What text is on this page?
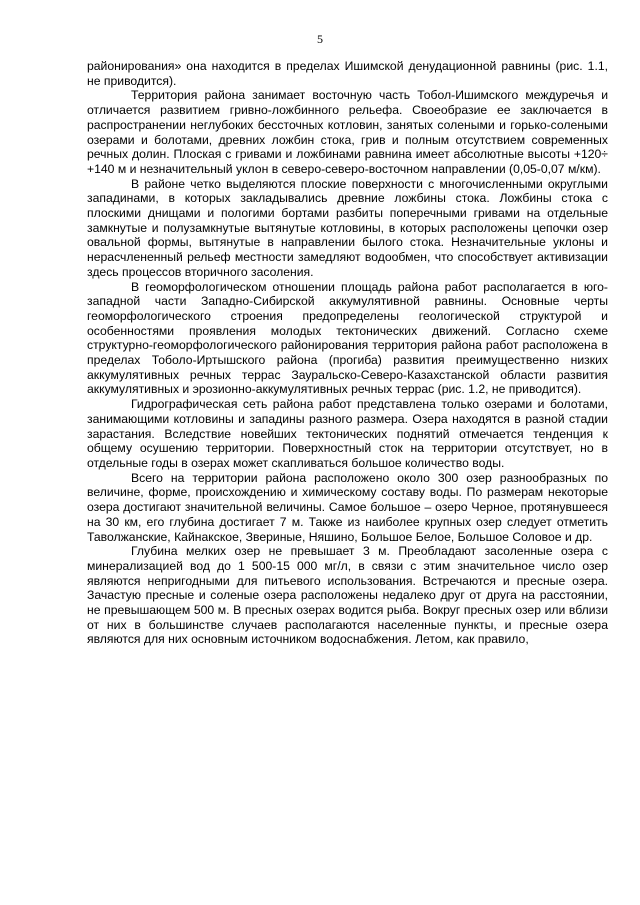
5

районирования» она находится в пределах Ишимской денудационной равнины (рис. 1.1, не приводится).

Территория района занимает восточную часть Тобол-Ишимского междуречья и отличается развитием гривно-ложбинного рельефа. Своеобразие ее заключается в распространении неглубоких бессточных котловин, занятых солеными и горько-солеными озерами и болотами, древних ложбин стока, грив и полным отсутствием современных речных долин. Плоская с гривами и ложбинами равнина имеет абсолютные высоты +120÷ +140 м и незначительный уклон в северо-северо-восточном направлении (0,05-0,07 м/км).

В районе четко выделяются плоские поверхности с многочисленными округлыми западинами, в которых закладывались древние ложбины стока. Ложбины стока с плоскими днищами и пологими бортами разбиты поперечными гривами на отдельные замкнутые и полузамкнутые вытянутые котловины, в которых расположены цепочки озер овальной формы, вытянутые в направлении былого стока. Незначительные уклоны и нерасчлененный рельеф местности замедляют водообмен, что способствует активизации здесь процессов вторичного засоления.

В геоморфологическом отношении площадь района работ располагается в юго-западной части Западно-Сибирской аккумулятивной равнины. Основные черты геоморфологического строения предопределены геологической структурой и особенностями проявления молодых тектонических движений. Согласно схеме структурно-геоморфологического районирования территория района работ расположена в пределах Тоболо-Иртышского района (прогиба) развития преимущественно низких аккумулятивных речных террас Зауральско-Северо-Казахстанской области развития аккумулятивных и эрозионно-аккумулятивных речных террас (рис. 1.2, не приводится).

Гидрографическая сеть района работ представлена только озерами и болотами, занимающими котловины и западины разного размера. Озера находятся в разной стадии зарастания. Вследствие новейших тектонических поднятий отмечается тенденция к общему осушению территории. Поверхностный сток на территории отсутствует, но в отдельные годы в озерах может скапливаться большое количество воды.

Всего на территории района расположено около 300 озер разнообразных по величине, форме, происхождению и химическому составу воды. По размерам некоторые озера достигают значительной величины. Самое большое – озеро Черное, протянувшееся на 30 км, его глубина достигает 7 м. Также из наиболее крупных озер следует отметить Таволжанские, Кайнакское, Звериные, Няшино, Большое Белое, Большое Соловое и др.

Глубина мелких озер не превышает 3 м. Преобладают засоленные озера с минерализацией вод до 1 500-15 000 мг/л, в связи с этим значительное число озер являются непригодными для питьевого использования. Встречаются и пресные озера. Зачастую пресные и соленые озера расположены недалеко друг от друга на расстоянии, не превышающем 500 м. В пресных озерах водится рыба. Вокруг пресных озер или вблизи от них в большинстве случаев располагаются населенные пункты, и пресные озера являются для них основным источником водоснабжения. Летом, как правило,
